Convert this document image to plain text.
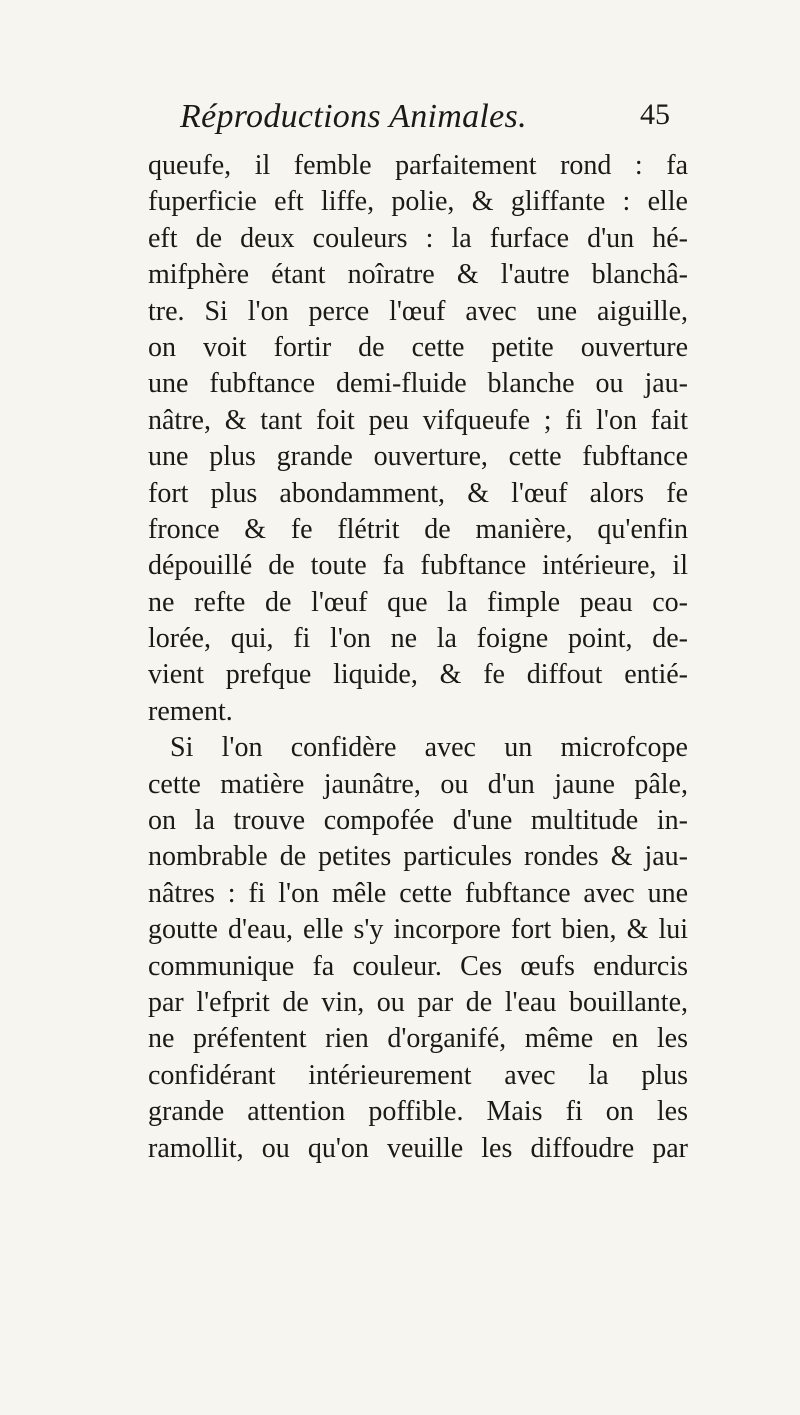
Réproductions Animales.	45
queufe, il femble parfaitement rond : fa
fuperficie eft liffe, polie, & gliffante : elle
eft de deux couleurs : la furface d'un hé-
mifphère étant noîratre & l'autre blanchâ-
tre. Si l'on perce l'œuf avec une aiguille,
on voit fortir de cette petite ouverture
une fubftance demi-fluide blanche ou jau-
nâtre, & tant foit peu vifqueufe ; fi l'on fait
une plus grande ouverture, cette fubftance
fort plus abondamment, & l'œuf alors fe
fronce & fe flétrit de manière, qu'enfin
dépouillé de toute fa fubftance intérieure, il
ne refte de l'œuf que la fimple peau co-
lorée, qui, fi l'on ne la foigne point, de-
vient prefque liquide, & fe diffout entié-
rement.
Si l'on confidère avec un microfcope
cette matière jaunâtre, ou d'un jaune pâle,
on la trouve compofée d'une multitude in-
nombrable de petites particules rondes & jau-
nâtres : fi l'on mêle cette fubftance avec une
goutte d'eau, elle s'y incorpore fort bien, & lui
communique fa couleur. Ces œufs endurcis
par l'efprit de vin, ou par de l'eau bouillante,
ne préfentent rien d'organifé, même en les
confidérant intérieurement avec la plus
grande attention poffible. Mais fi on les
ramollit, ou qu'on veuille les diffoudre par
